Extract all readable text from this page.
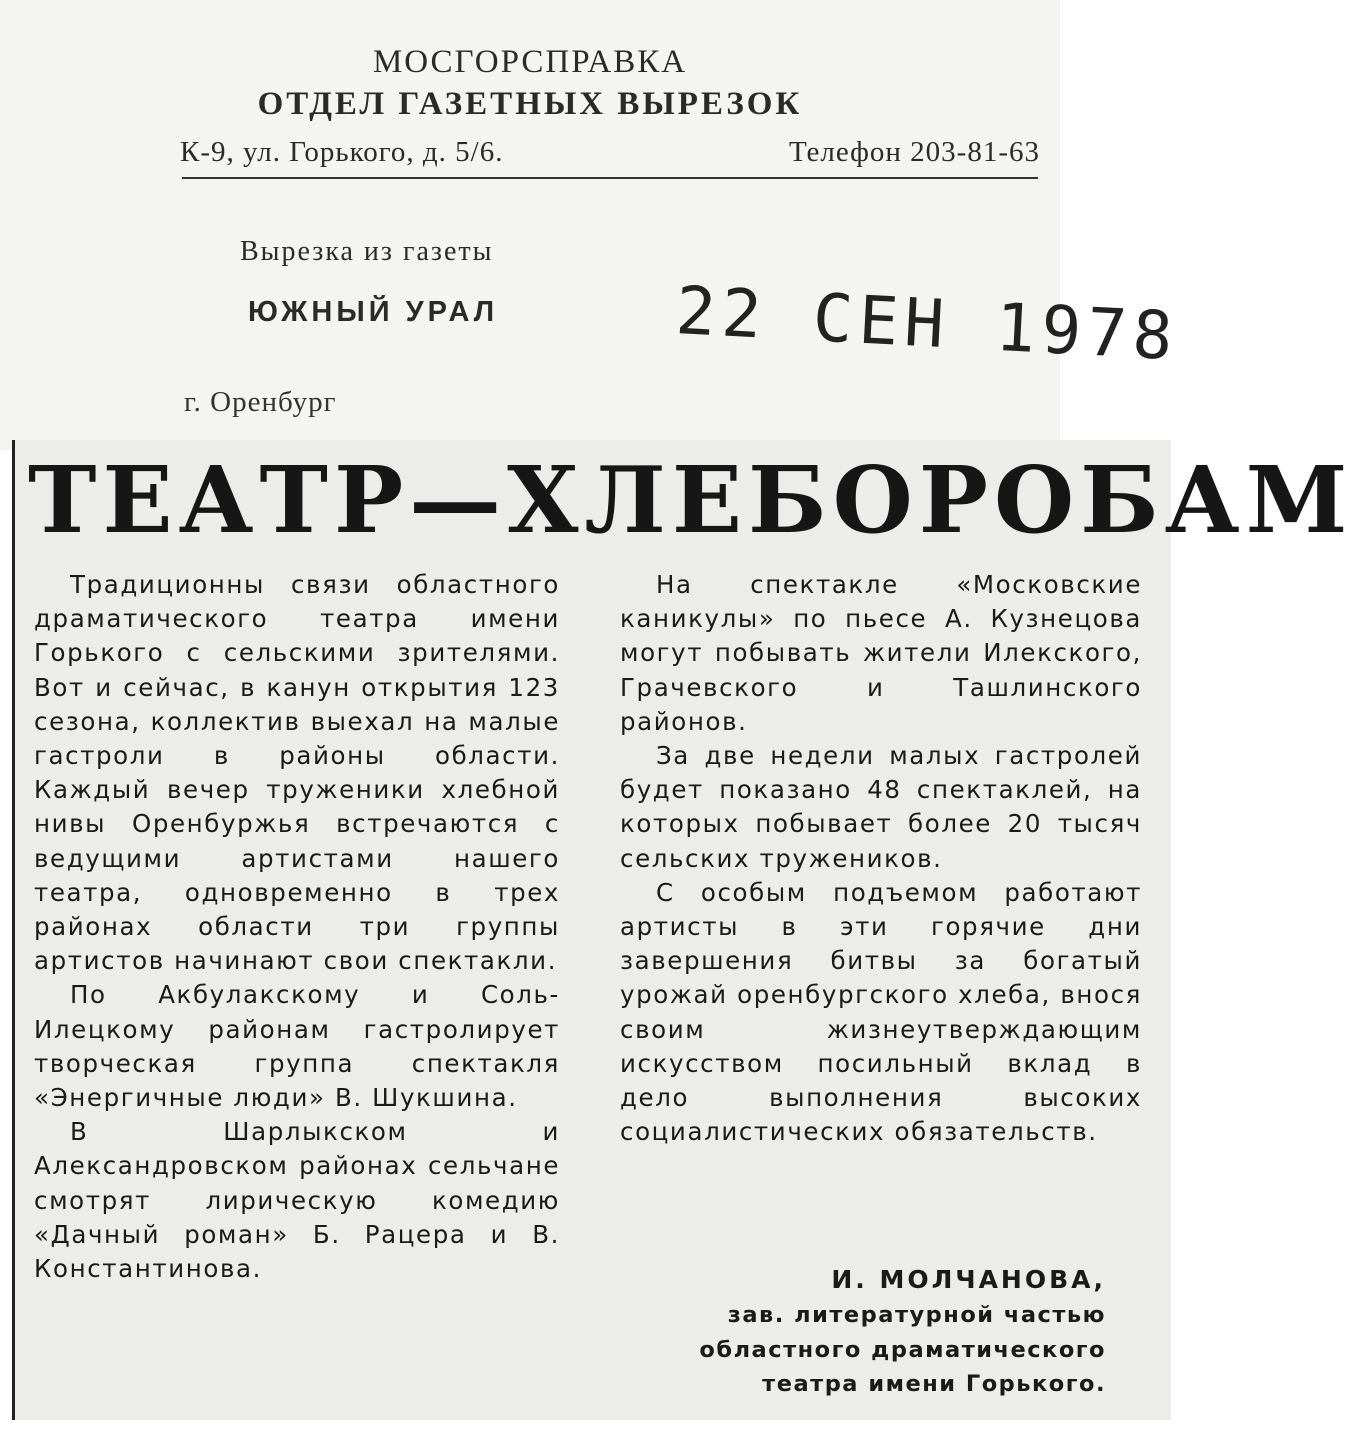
МОСГОРСПРАВКА
ОТДЕЛ ГАЗЕТНЫХ ВЫРЕЗОК
К-9, ул. Горького, д. 5/6.	Телефон 203-81-63
Вырезка из газеты
ЮЖНЫЙ УРАЛ
г. Оренбург
22 СЕН 1978
ТЕАТР—ХЛЕБОРОБАМ

Традиционны связи областного драматического театра имени Горького с сельскими зрителями. Вот и сейчас, в канун открытия 123 сезона, коллектив выехал на малые гастроли в районы области. Каждый вечер труженики хлебной нивы Оренбуржья встречаются с ведущими артистами нашего театра, одновременно в трех районах области три группы артистов начинают свои спектакли.

По Акбулакскому и Соль-Илецкому районам гастролирует творческая группа спектакля «Энергичные люди» В. Шукшина.

В Шарлыкском и Александровском районах сельчане смотрят лирическую комедию «Дачный роман» Б. Рацера и В. Константинова.

На спектакле «Московские каникулы» по пьесе А. Кузнецова могут побывать жители Илекского, Грачевского и Ташлинского районов.

За две недели малых гастролей будет показано 48 спектаклей, на которых побывает более 20 тысяч сельских тружеников.

С особым подъемом работают артисты в эти горячие дни завершения битвы за богатый урожай оренбургского хлеба, внося своим жизнеутверждающим искусством посильный вклад в дело выполнения высоких социалистических обязательств.

И. МОЛЧАНОВА,
зав. литературной частью
областного драматического
театра имени Горького.
